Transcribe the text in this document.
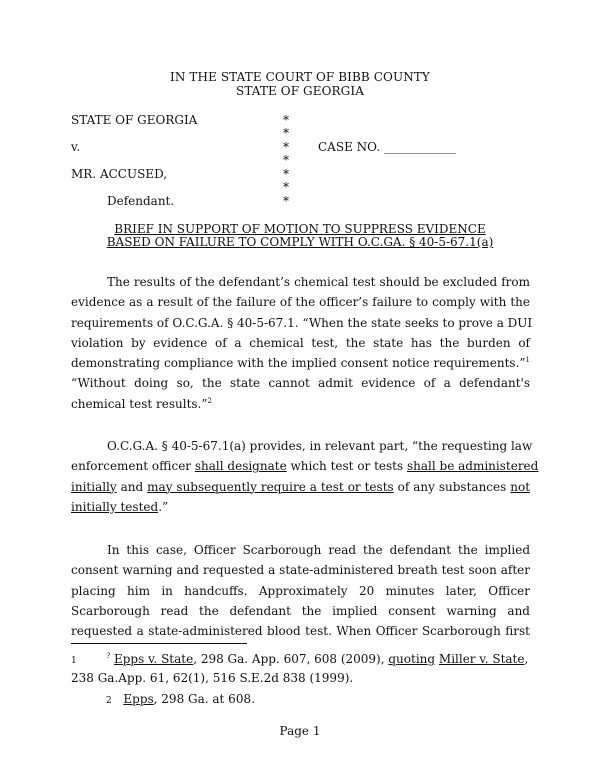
IN THE STATE COURT OF BIBB COUNTY
STATE OF GEORGIA
STATE OF GEORGIA
v.	CASE NO. ____________
MR. ACCUSED,
Defendant.
*
*
*
*
*
*
*
BRIEF IN SUPPORT OF MOTION TO SUPPRESS EVIDENCE
BASED ON FAILURE TO COMPLY WITH O.C.GA. § 40-5-67.1(a)
The results of the defendant’s chemical test should be excluded from
evidence as a result of the failure of the officer’s failure to comply with the
requirements of O.C.G.A. § 40-5-67.1. “When the state seeks to prove a DUI
violation by evidence of a chemical test, the state has the burden of
demonstrating compliance with the implied consent notice requirements.”$^1$
“Without doing so, the state cannot admit evidence of a defendant's
chemical test results.”$^2$
O.C.G.A. § 40-5-67.1(a) provides, in relevant part, “the requesting law
enforcement officer shall designate which test or tests shall be administered
initially and may subsequently require a test or tests of any substances not
initially tested.”
In this case, Officer Scarborough read the defendant the implied
consent warning and requested a state-administered breath test soon after
placing him in handcuffs. Approximately 20 minutes later, Officer
Scarborough read the defendant the implied consent warning and
requested a state-administered blood test. When Officer Scarborough first
1	? Epps v. State, 298 Ga. App. 607, 608 (2009), quoting Miller v. State,
238 Ga.App. 61, 62(1), 516 S.E.2d 838 (1999).
2 Epps, 298 Ga. at 608.
Page 1
